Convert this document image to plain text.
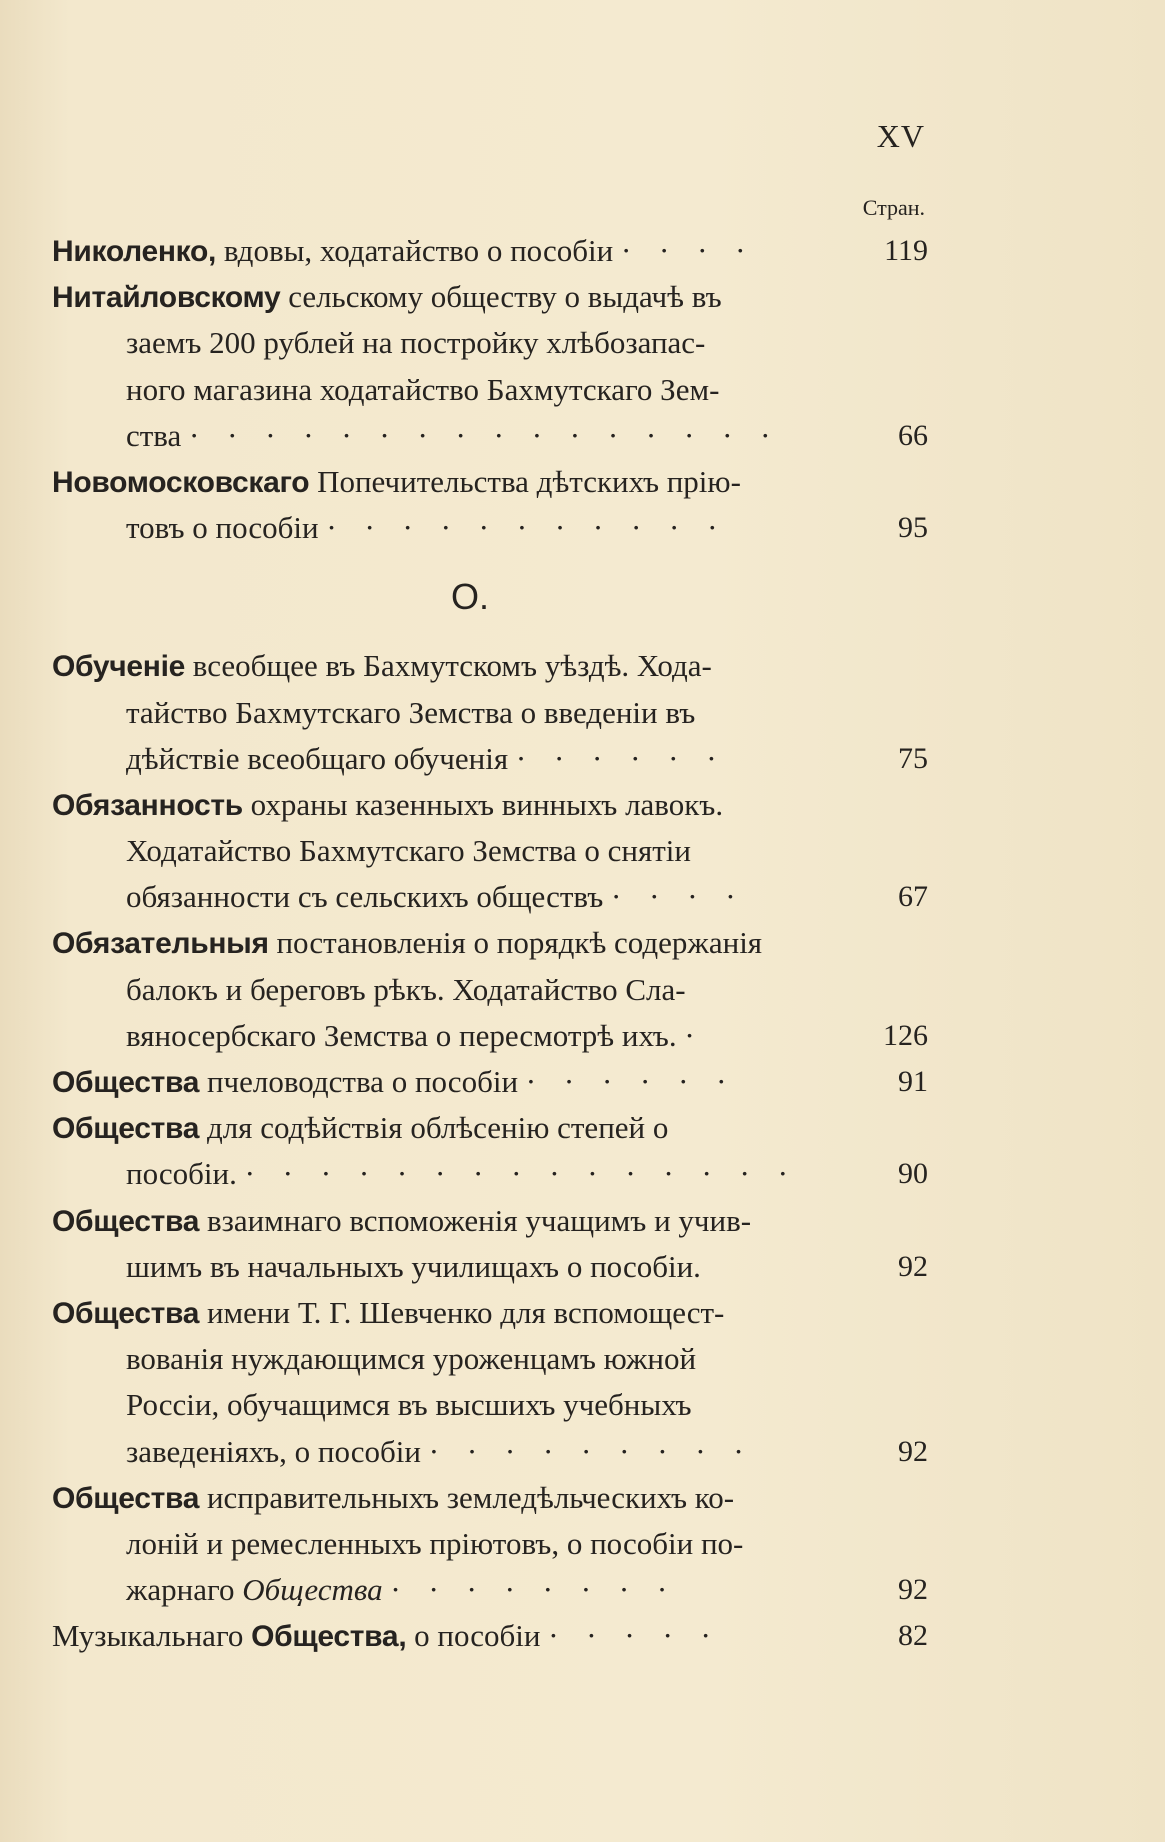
XV
Стран.
Николенко, вдовы, ходатайство о пособіи · · · ·	119
Нитайловскому сельскому обществу о выдачѣ въ
заемъ 200 рублей на постройку хлѣбозапас-
ного магазина ходатайство Бахмутскаго Зем-
ства · · · · · · · · · · · · · · · ·	66
Новомосковскаго Попечительства дѣтскихъ прію-
товъ о пособіи · · · · · · · · · · ·	95
О.
Обученіе всеобщее въ Бахмутскомъ уѣздѣ. Хода-
тайство Бахмутскаго Земства о введеніи въ
дѣйствіе всеобщаго обученія · · · · · ·	75
Обязанность охраны казенныхъ винныхъ лавокъ.
Ходатайство Бахмутскаго Земства о снятіи
обязанности съ сельскихъ обществъ · · · ·	67
Обязательныя постановленія о порядкѣ содержанія
балокъ и береговъ рѣкъ. Ходатайство Сла-
вяносербскаго Земства о пересмотрѣ ихъ. ·	126
Общества пчеловодства о пособіи · · · · · ·	91
Общества для содѣйствія облѣсенію степей о
пособіи. · · · · · · · · · · · · · · ·	90
Общества взаимнаго вспоможенія учащимъ и учив-
шимъ въ начальныхъ училищахъ о пособіи.	92
Общества имени Т. Г. Шевченко для вспомощест-
вованія нуждающимся уроженцамъ южной
Россіи, обучащимся въ высшихъ учебныхъ
заведеніяхъ, о пособіи · · · · · · · · ·	92
Общества исправительныхъ земледѣльческихъ ко-
лоній и ремесленныхъ пріютовъ, о пособіи по-
жарнаго Общества · · · · · · · ·	92
Музыкальнаго Общества, о пособіи · · · · ·	82
